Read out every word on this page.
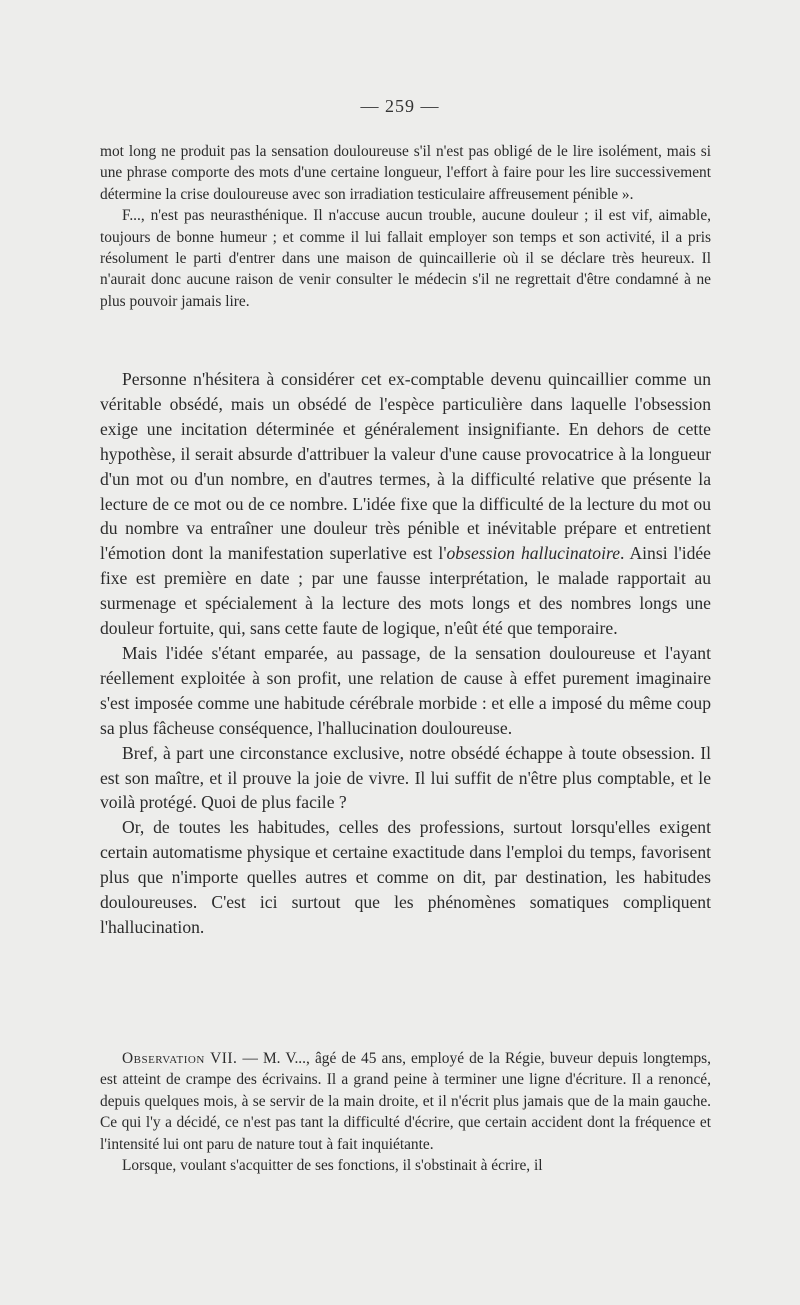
— 259 —

mot long ne produit pas la sensation douloureuse s'il n'est pas obligé de le lire isolément, mais si une phrase comporte des mots d'une certaine longueur, l'effort à faire pour les lire successivement détermine la crise douloureuse avec son irradiation testiculaire affreusement pénible ».

F..., n'est pas neurasthénique. Il n'accuse aucun trouble, aucune douleur ; il est vif, aimable, toujours de bonne humeur ; et comme il lui fallait employer son temps et son activité, il a pris résolument le parti d'entrer dans une maison de quincaillerie où il se déclare très heureux. Il n'aurait donc aucune raison de venir consulter le médecin s'il ne regrettait d'être condamné à ne plus pouvoir jamais lire.

Personne n'hésitera à considérer cet ex-comptable devenu quincaillier comme un véritable obsédé, mais un obsédé de l'espèce particulière dans laquelle l'obsession exige une incitation déterminée et généralement insignifiante. En dehors de cette hypothèse, il serait absurde d'attribuer la valeur d'une cause provocatrice à la longueur d'un mot ou d'un nombre, en d'autres termes, à la difficulté relative que présente la lecture de ce mot ou de ce nombre. L'idée fixe que la difficulté de la lecture du mot ou du nombre va entraîner une douleur très pénible et inévitable prépare et entretient l'émotion dont la manifestation superlative est l'obsession hallucinatoire. Ainsi l'idée fixe est première en date ; par une fausse interprétation, le malade rapportait au surmenage et spécialement à la lecture des mots longs et des nombres longs une douleur fortuite, qui, sans cette faute de logique, n'eût été que temporaire.

Mais l'idée s'étant emparée, au passage, de la sensation douloureuse et l'ayant réellement exploitée à son profit, une relation de cause à effet purement imaginaire s'est imposée comme une habitude cérébrale morbide : et elle a imposé du même coup sa plus fâcheuse conséquence, l'hallucination douloureuse.

Bref, à part une circonstance exclusive, notre obsédé échappe à toute obsession. Il est son maître, et il prouve la joie de vivre. Il lui suffit de n'être plus comptable, et le voilà protégé. Quoi de plus facile ?

Or, de toutes les habitudes, celles des professions, surtout lorsqu'elles exigent certain automatisme physique et certaine exactitude dans l'emploi du temps, favorisent plus que n'importe quelles autres et comme on dit, par destination, les habitudes douloureuses. C'est ici surtout que les phénomènes somatiques compliquent l'hallucination.

Observation VII. — M. V..., âgé de 45 ans, employé de la Régie, buveur depuis longtemps, est atteint de crampe des écrivains. Il a grand peine à terminer une ligne d'écriture. Il a renoncé, depuis quelques mois, à se servir de la main droite, et il n'écrit plus jamais que de la main gauche. Ce qui l'y a décidé, ce n'est pas tant la difficulté d'écrire, que certain accident dont la fréquence et l'intensité lui ont paru de nature tout à fait inquiétante.

Lorsque, voulant s'acquitter de ses fonctions, il s'obstinait à écrire, il
